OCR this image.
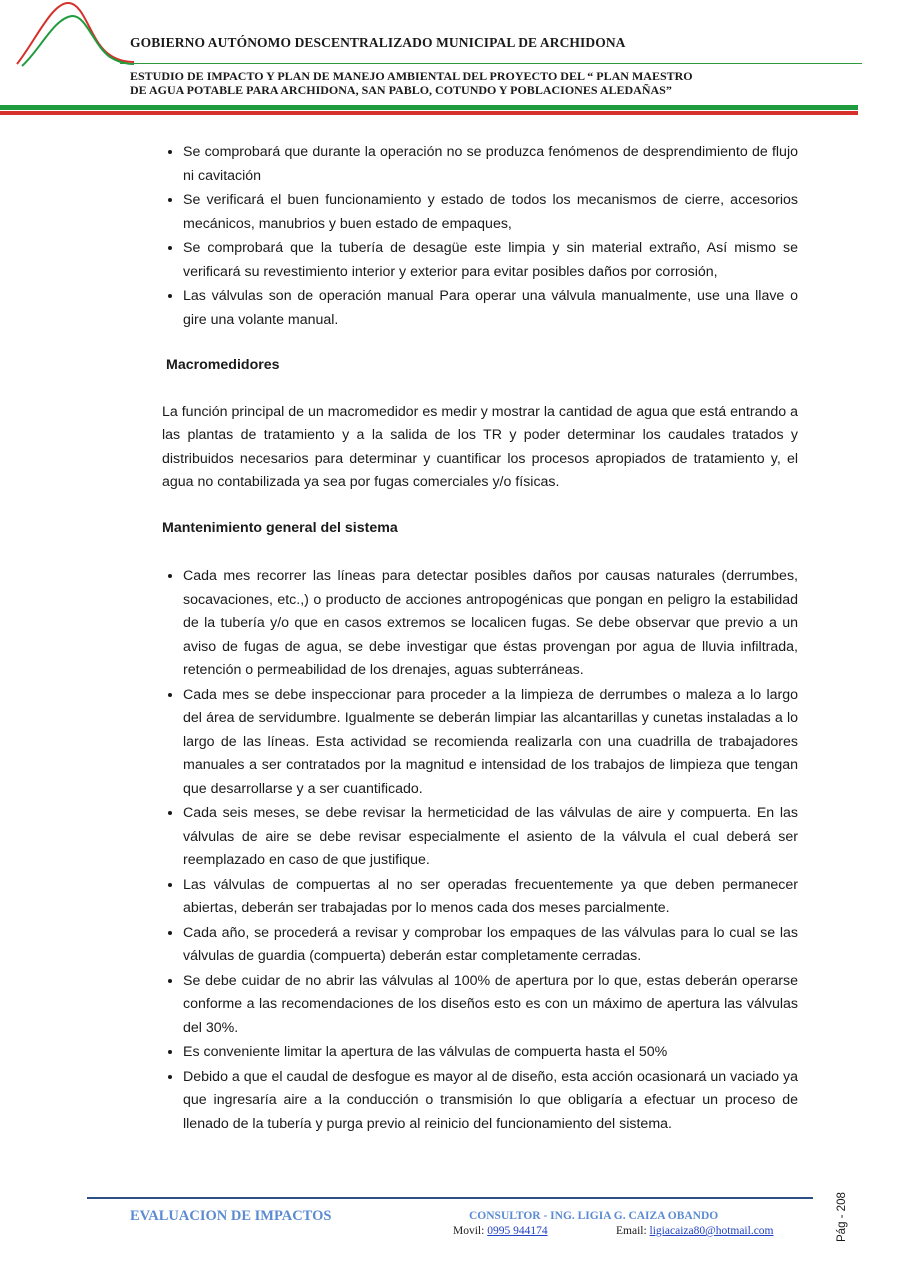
GOBIERNO AUTÓNOMO DESCENTRALIZADO MUNICIPAL DE ARCHIDONA
ESTUDIO DE IMPACTO Y PLAN DE MANEJO AMBIENTAL DEL PROYECTO DEL “ PLAN MAESTRO
DE AGUA POTABLE PARA ARCHIDONA, SAN PABLO, COTUNDO Y POBLACIONES ALEDAÑAS”
• Se comprobará que durante la operación no se produzca fenómenos de desprendimiento de flujo ni cavitación
• Se verificará el buen funcionamiento y estado de todos los mecanismos de cierre, accesorios mecánicos, manubrios y buen estado de empaques,
• Se comprobará que la tubería de desagüe este limpia y sin material extraño, Así mismo se verificará su revestimiento interior y exterior para evitar posibles daños por corrosión,
• Las válvulas son de operación manual Para operar una válvula manualmente, use una llave o gire una volante manual.
Macromedidores

La función principal de un macromedidor es medir y mostrar la cantidad de agua que está entrando a las plantas de tratamiento y a la salida de los TR y poder determinar los caudales tratados y distribuidos necesarios para determinar y cuantificar los procesos apropiados de tratamiento y, el agua no contabilizada ya sea por fugas comerciales y/o físicas.

Mantenimiento general del sistema
• Cada mes recorrer las líneas para detectar posibles daños por causas naturales (derrumbes, socavaciones, etc.,) o producto de acciones antropogénicas que pongan en peligro la estabilidad de la tubería y/o que en casos extremos se localicen fugas. Se debe observar que previo a un aviso de fugas de agua, se debe investigar que éstas provengan por agua de lluvia infiltrada, retención o permeabilidad de los drenajes, aguas subterráneas.
• Cada mes se debe inspeccionar para proceder a la limpieza de derrumbes o maleza a lo largo del área de servidumbre. Igualmente se deberán limpiar las alcantarillas y cunetas instaladas a lo largo de las líneas. Esta actividad se recomienda realizarla con una cuadrilla de trabajadores manuales a ser contratados por la magnitud e intensidad de los trabajos de limpieza que tengan que desarrollarse y a ser cuantificado.
• Cada seis meses, se debe revisar la hermeticidad de las válvulas de aire y compuerta. En las válvulas de aire se debe revisar especialmente el asiento de la válvula el cual deberá ser reemplazado en caso de que justifique.
• Las válvulas de compuertas al no ser operadas frecuentemente ya que deben permanecer abiertas, deberán ser trabajadas por lo menos cada dos meses parcialmente.
• Cada año, se procederá a revisar y comprobar los empaques de las válvulas para lo cual se las válvulas de guardia (compuerta) deberán estar completamente cerradas.
• Se debe cuidar de no abrir las válvulas al 100% de apertura por lo que, estas deberán operarse conforme a las recomendaciones de los diseños esto es con un máximo de apertura las válvulas del 30%.
• Es conveniente limitar la apertura de las válvulas de compuerta hasta el 50%
• Debido a que el caudal de desfogue es mayor al de diseño, esta acción ocasionará un vaciado ya que ingresaría aire a la conducción o transmisión lo que obligaría a efectuar un proceso de llenado de la tubería y purga previo al reinicio del funcionamiento del sistema.
EVALUACION DE IMPACTOS	CONSULTOR - ING. LIGIA G. CAIZA OBANDO
Movil: 0995 944174	Email: ligiacaiza80@hotmail.com	Pág - 208
